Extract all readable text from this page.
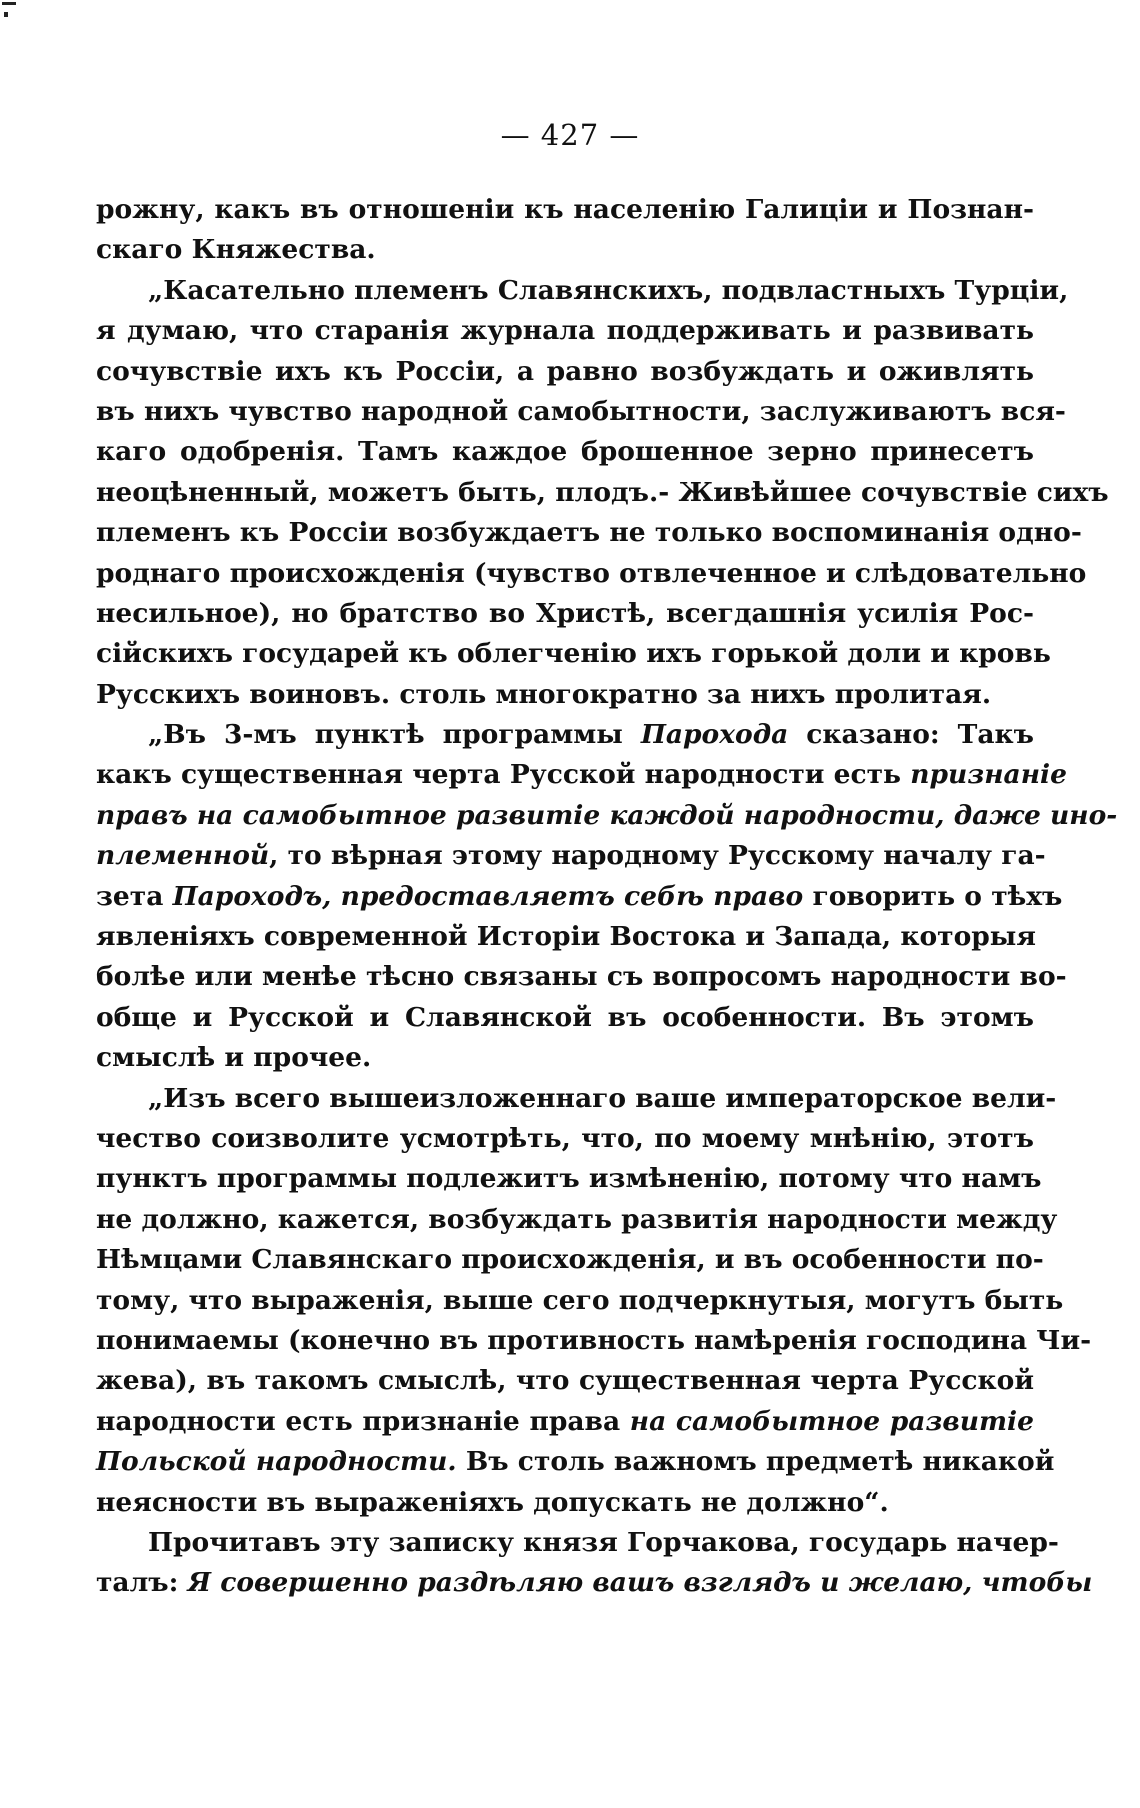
— 427 —
рожну, какъ въ отношеніи къ населенію Галиціи и Познан-
скаго Княжества.
„Касательно племенъ Славянскихъ, подвластныхъ Турціи,
я думаю, что старанія журнала поддерживать и развивать
сочувствіе ихъ къ Россіи, а равно возбуждать и оживлять
въ нихъ чувство народной самобытности, заслуживаютъ вся-
каго одобренія. Тамъ каждое брошенное зерно принесетъ
неоцѣненный, можетъ быть, плодъ.- Живѣйшее сочувствіе сихъ
племенъ къ Россіи возбуждаетъ не только воспоминанія одно-
роднаго происхожденія (чувство отвлеченное и слѣдовательно
несильное), но братство во Христѣ, всегдашнія усилія Рос-
сійскихъ государей къ облегченію ихъ горькой доли и кровь
Русскихъ воиновъ. столь многократно за нихъ пролитая.
„Въ 3-мъ пунктѣ программы Парохода сказано: Такъ
какъ существенная черта Русской народности есть признаніе
правъ на самобытное развитіе каждой народности, даже ино-
племенной, то вѣрная этому народному Русскому началу га-
зета Пароходъ, предоставляетъ себѣ право говорить о тѣхъ
явленіяхъ современной Исторіи Востока и Запада, которыя
болѣе или менѣе тѣсно связаны съ вопросомъ народности во-
обще и Русской и Славянской въ особенности. Въ этомъ
смыслѣ и прочее.
„Изъ всего вышеизложеннаго ваше императорское вели-
чество соизволите усмотрѣть, что, по моему мнѣнію, этотъ
пунктъ программы подлежитъ измѣненію, потому что намъ
не должно, кажется, возбуждать развитія народности между
Нѣмцами Славянскаго происхожденія, и въ особенности по-
тому, что выраженія, выше сего подчеркнутыя, могутъ быть
понимаемы (конечно въ противность намѣренія господина Чи-
жева), въ такомъ смыслѣ, что существенная черта Русской
народности есть признаніе права на самобытное развитіе
Польской народности. Въ столь важномъ предметѣ никакой
неясности въ выраженіяхъ допускать не должно“.
Прочитавъ эту записку князя Горчакова, государь начер-
талъ: Я совершенно раздѣляю вашъ взглядъ и желаю, чтобы
